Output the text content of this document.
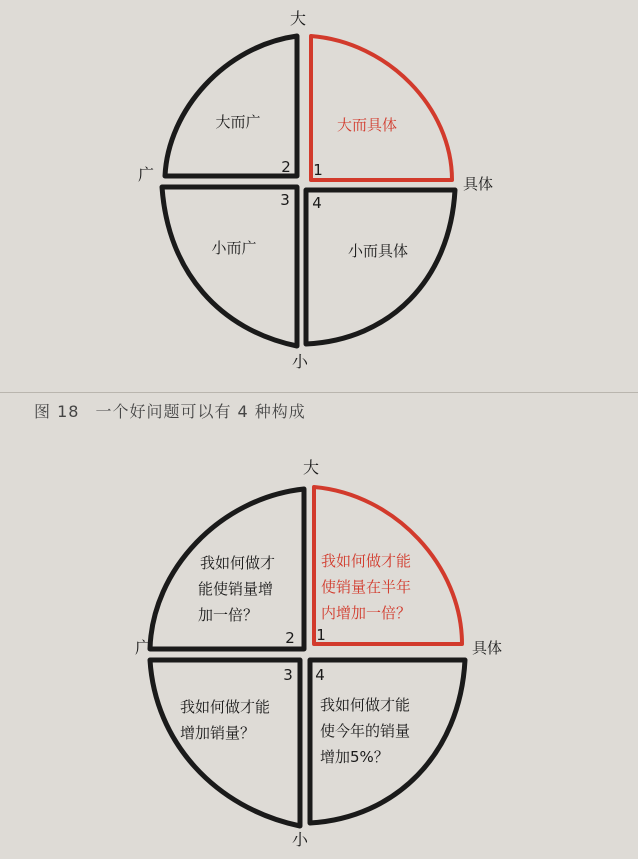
大
小
广	具体
2 1
3 4
大而广	大而具体
小而广	小而具体
大
小
广	具体
2 1
3 4
我如何做才
能使销量增
加一倍？
我如何做才能
使销量在半年
内增加一倍？
我如何做才能
增加销量？
我如何做才能
使今年的销量
增加5%？
图 18 一个好问题可以有 4 种构成
